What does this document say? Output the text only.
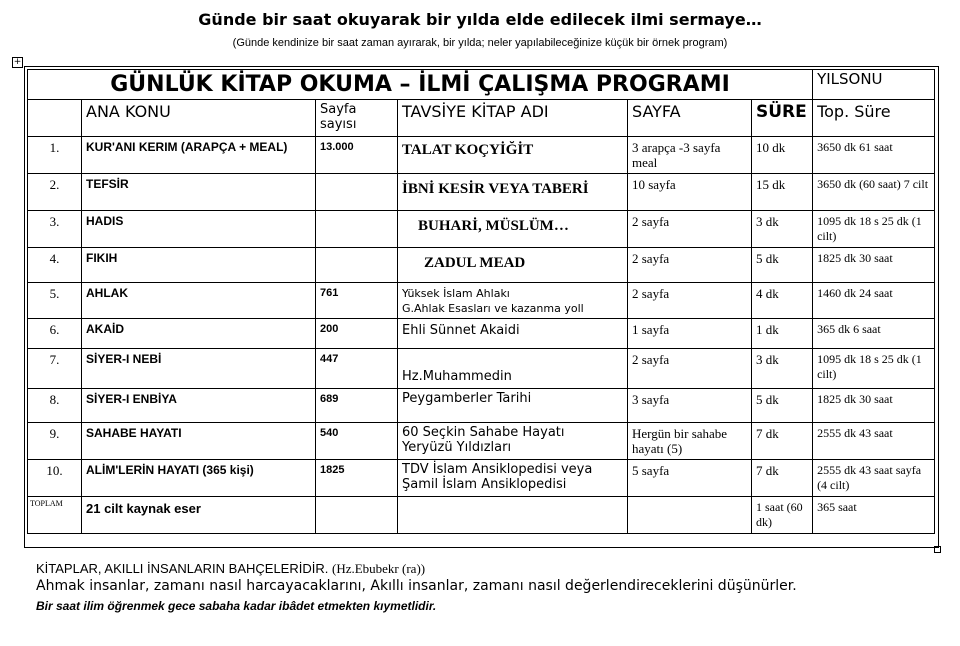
Günde bir saat okuyarak bir yılda elde edilecek ilmi sermaye…
(Günde kendinize bir saat zaman ayırarak, bir yılda; neler yapılabileceğinize küçük bir örnek program)
+
GÜNLÜK KİTAP OKUMA – İLMİ ÇALIŞMA PROGRAMI						YILSONU
	ANA KONU	Sayfa sayısı	TAVSİYE KİTAP ADI	SAYFA	SÜRE	Top. Süre
1.	KUR'ANI KERIM (ARAPÇA + MEAL)	13.000	TALAT KOÇYİĞİT	3 arapça -3 sayfa meal	10 dk	3650 dk 61 saat
2.	TEFSİR		İBNİ KESİR VEYA TABERİ	10 sayfa	15 dk	3650 dk (60 saat) 7 cilt
3.	HADIS		BUHARİ, MÜSLÜM…	2 sayfa	3 dk	1095 dk 18 s 25 dk (1 cilt)
4.	FIKIH		ZADUL MEAD	2 sayfa	5 dk	1825 dk 30 saat
5.	AHLAK	761	Yüksek İslam Ahlakı
G.Ahlak Esasları ve kazanma yoll	2 sayfa	4 dk	1460 dk 24 saat
6.	AKAİD	200	Ehli Sünnet Akaidi	1 sayfa	1 dk	365 dk 6 saat
7.	SİYER-I NEBİ	447	Hz.Muhammedin	2 sayfa	3 dk	1095 dk 18 s 25 dk (1 cilt)
8.	SİYER-I ENBİYA	689	Peygamberler Tarihi	3 sayfa	5 dk	1825 dk 30 saat
9.	SAHABE HAYATI	540	60 Seçkin Sahabe Hayatı
Yeryüzü Yıldızları	Hergün bir sahabe hayatı (5)	7 dk	2555 dk 43 saat
10.	ALİM'LERİN HAYATI (365 kişi)	1825	TDV İslam Ansiklopedisi veya
Şamil İslam Ansiklopedisi	5 sayfa	7 dk	2555 dk 43 saat sayfa (4 cilt)
TOPLAM	21 cilt kaynak eser				1 saat (60 dk)	365 saat
KİTAPLAR, AKILLI İNSANLARIN BAHÇELERİDİR. (Hz.Ebubekr (ra))
Ahmak insanlar, zamanı nasıl harcayacaklarını, Akıllı insanlar, zamanı nasıl değerlendireceklerini düşünürler.
Bir saat ilim öğrenmek gece sabaha kadar ibâdet etmekten kıymetlidir.
